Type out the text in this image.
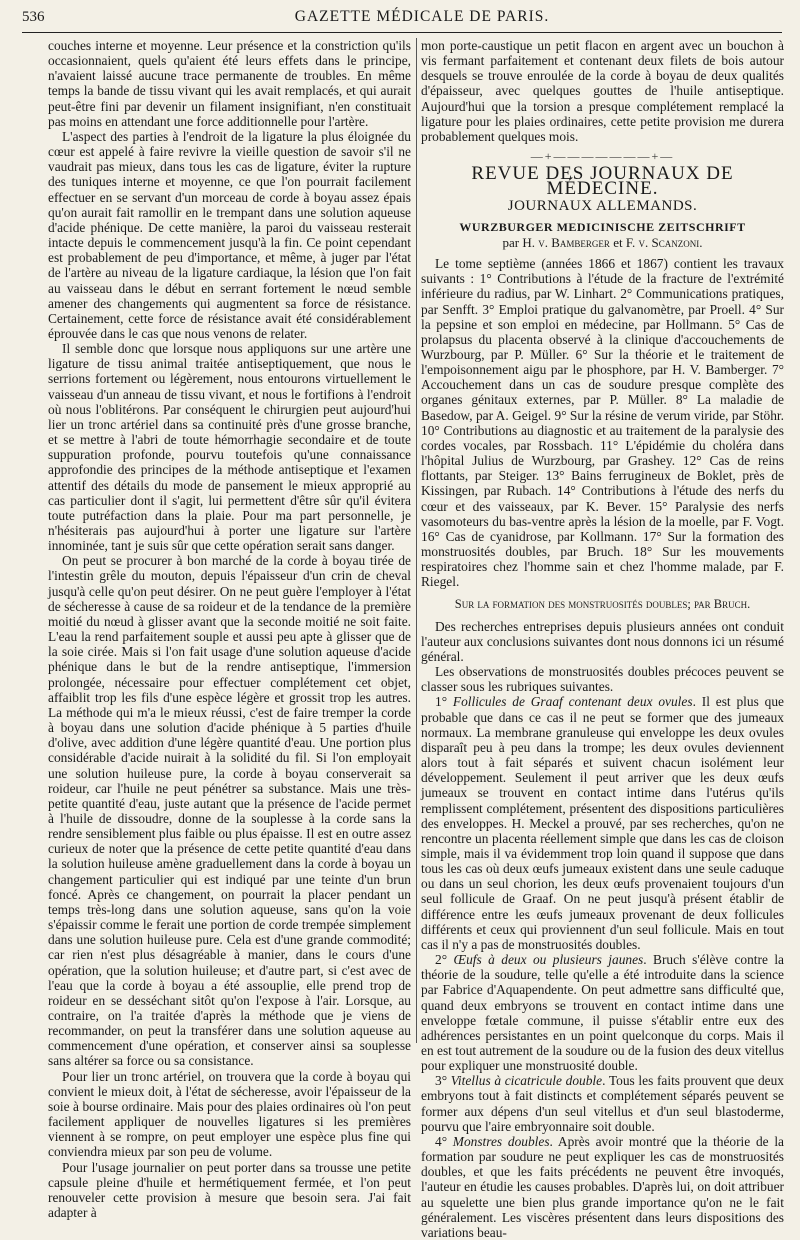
536	GAZETTE MÉDICALE DE PARIS.

couches interne et moyenne. Leur présence et la constriction qu'ils occasionnaient, quels qu'aient été leurs effets dans le principe, n'avaient laissé aucune trace permanente de troubles. En même temps la bande de tissu vivant qui les avait remplacés, et qui aurait peut-être fini par devenir un filament insignifiant, n'en constituait pas moins en attendant une force additionnelle pour l'artère.

L'aspect des parties à l'endroit de la ligature la plus éloignée du cœur est appelé à faire revivre la vieille question de savoir s'il ne vaudrait pas mieux, dans tous les cas de ligature, éviter la rupture des tuniques interne et moyenne, ce que l'on pourrait facilement effectuer en se servant d'un morceau de corde à boyau assez épais qu'on aurait fait ramollir en le trempant dans une solution aqueuse d'acide phénique. De cette manière, la paroi du vaisseau resterait intacte depuis le commencement jusqu'à la fin. Ce point cependant est probablement de peu d'importance, et même, à juger par l'état de l'artère au niveau de la ligature cardiaque, la lésion que l'on fait au vaisseau dans le début en serrant fortement le nœud semble amener des changements qui augmentent sa force de résistance. Certainement, cette force de résistance avait été considérablement éprouvée dans le cas que nous venons de relater.

Il semble donc que lorsque nous appliquons sur une artère une ligature de tissu animal traitée antiseptiquement, que nous le serrions fortement ou légèrement, nous entourons virtuellement le vaisseau d'un anneau de tissu vivant, et nous le fortifions à l'endroit où nous l'oblitérons. Par conséquent le chirurgien peut aujourd'hui lier un tronc artériel dans sa continuité près d'une grosse branche, et se mettre à l'abri de toute hémorrhagie secondaire et de toute suppuration profonde, pourvu toutefois qu'une connaissance approfondie des principes de la méthode antiseptique et l'examen attentif des détails du mode de pansement le mieux approprié au cas particulier dont il s'agit, lui permettent d'être sûr qu'il évitera toute putréfaction dans la plaie. Pour ma part personnelle, je n'hésiterais pas aujourd'hui à porter une ligature sur l'artère innominée, tant je suis sûr que cette opération serait sans danger.

On peut se procurer à bon marché de la corde à boyau tirée de l'intestin grêle du mouton, depuis l'épaisseur d'un crin de cheval jusqu'à celle qu'on peut désirer. On ne peut guère l'employer à l'état de sécheresse à cause de sa roideur et de la tendance de la première moitié du nœud à glisser avant que la seconde moitié ne soit faite. L'eau la rend parfaitement souple et aussi peu apte à glisser que de la soie cirée. Mais si l'on fait usage d'une solution aqueuse d'acide phénique dans le but de la rendre antiseptique, l'immersion prolongée, nécessaire pour effectuer complétement cet objet, affaiblit trop les fils d'une espèce légère et grossit trop les autres. La méthode qui m'a le mieux réussi, c'est de faire tremper la corde à boyau dans une solution d'acide phénique à 5 parties d'huile d'olive, avec addition d'une légère quantité d'eau. Une portion plus considérable d'acide nuirait à la solidité du fil. Si l'on employait une solution huileuse pure, la corde à boyau conserverait sa roideur, car l'huile ne peut pénétrer sa substance. Mais une très-petite quantité d'eau, juste autant que la présence de l'acide permet à l'huile de dissoudre, donne de la souplesse à la corde sans la rendre sensiblement plus faible ou plus épaisse. Il est en outre assez curieux de noter que la présence de cette petite quantité d'eau dans la solution huileuse amène graduellement dans la corde à boyau un changement particulier qui est indiqué par une teinte d'un brun foncé. Après ce changement, on pourrait la placer pendant un temps très-long dans une solution aqueuse, sans qu'on la voie s'épaissir comme le ferait une portion de corde trempée simplement dans une solution huileuse pure. Cela est d'une grande commodité; car rien n'est plus désagréable à manier, dans le cours d'une opération, que la solution huileuse; et d'autre part, si c'est avec de l'eau que la corde à boyau a été assouplie, elle prend trop de roideur en se desséchant sitôt qu'on l'expose à l'air. Lorsque, au contraire, on l'a traitée d'après la méthode que je viens de recommander, on peut la transférer dans une solution aqueuse au commencement d'une opération, et conserver ainsi sa souplesse sans altérer sa force ou sa consistance.

Pour lier un tronc artériel, on trouvera que la corde à boyau qui convient le mieux doit, à l'état de sécheresse, avoir l'épaisseur de la soie à bourse ordinaire. Mais pour des plaies ordinaires où l'on peut facilement appliquer de nouvelles ligatures si les premières viennent à se rompre, on peut employer une espèce plus fine qui conviendra mieux par son peu de volume.

Pour l'usage journalier on peut porter dans sa trousse une petite capsule pleine d'huile et hermétiquement fermée, et l'on peut renouveler cette provision à mesure que besoin sera. J'ai fait adapter à

mon porte-caustique un petit flacon en argent avec un bouchon à vis fermant parfaitement et contenant deux filets de bois autour desquels se trouve enroulée de la corde à boyau de deux qualités d'épaisseur, avec quelques gouttes de l'huile antiseptique. Aujourd'hui que la torsion a presque complétement remplacé la ligature pour les plaies ordinaires, cette petite provision me durera probablement quelques mois.

—+———————+—
REVUE DES JOURNAUX DE MÉDECINE.
JOURNAUX ALLEMANDS.
WURZBURGER MEDICINISCHE ZEITSCHRIFT
par H. v. Bamberger et F. v. Scanzoni.

Le tome septième (années 1866 et 1867) contient les travaux suivants : 1° Contributions à l'étude de la fracture de l'extrémité inférieure du radius, par W. Linhart. 2° Communications pratiques, par Senfft. 3° Emploi pratique du galvanomètre, par Proell. 4° Sur la pepsine et son emploi en médecine, par Hollmann. 5° Cas de prolapsus du placenta observé à la clinique d'accouchements de Wurzbourg, par P. Müller. 6° Sur la théorie et le traitement de l'empoisonnement aigu par le phosphore, par H. V. Bamberger. 7° Accouchement dans un cas de soudure presque complète des organes génitaux externes, par P. Müller. 8° La maladie de Basedow, par A. Geigel. 9° Sur la résine de verum viride, par Stöhr. 10° Contributions au diagnostic et au traitement de la paralysie des cordes vocales, par Rossbach. 11° L'épidémie du choléra dans l'hôpital Julius de Wurzbourg, par Grashey. 12° Cas de reins flottants, par Steiger. 13° Bains ferrugineux de Boklet, près de Kissingen, par Rubach. 14° Contributions à l'étude des nerfs du cœur et des vaisseaux, par K. Bever. 15° Paralysie des nerfs vasomoteurs du bas-ventre après la lésion de la moelle, par F. Vogt. 16° Cas de cyanidrose, par Kollmann. 17° Sur la formation des monstruosités doubles, par Bruch. 18° Sur les mouvements respiratoires chez l'homme sain et chez l'homme malade, par F. Riegel.

Sur la formation des monstruosités doubles; par Bruch.

Des recherches entreprises depuis plusieurs années ont conduit l'auteur aux conclusions suivantes dont nous donnons ici un résumé général.

Les observations de monstruosités doubles précoces peuvent se classer sous les rubriques suivantes.

1° Follicules de Graaf contenant deux ovules. Il est plus que probable que dans ce cas il ne peut se former que des jumeaux normaux. La membrane granuleuse qui enveloppe les deux ovules disparaît peu à peu dans la trompe; les deux ovules deviennent alors tout à fait séparés et suivent chacun isolément leur développement. Seulement il peut arriver que les deux œufs jumeaux se trouvent en contact intime dans l'utérus qu'ils remplissent complétement, présentent des dispositions particulières des enveloppes. H. Meckel a prouvé, par ses recherches, qu'on ne rencontre un placenta réellement simple que dans les cas de cloison simple, mais il va évidemment trop loin quand il suppose que dans tous les cas où deux œufs jumeaux existent dans une seule caduque ou dans un seul chorion, les deux œufs provenaient toujours d'un seul follicule de Graaf. On ne peut jusqu'à présent établir de différence entre les œufs jumeaux provenant de deux follicules différents et ceux qui proviennent d'un seul follicule. Mais en tout cas il n'y a pas de monstruosités doubles.

2° Œufs à deux ou plusieurs jaunes. Bruch s'élève contre la théorie de la soudure, telle qu'elle a été introduite dans la science par Fabrice d'Aquapendente. On peut admettre sans difficulté que, quand deux embryons se trouvent en contact intime dans une enveloppe fœtale commune, il puisse s'établir entre eux des adhérences persistantes en un point quelconque du corps. Mais il en est tout autrement de la soudure ou de la fusion des deux vitellus pour expliquer une monstruosité double.

3° Vitellus à cicatricule double. Tous les faits prouvent que deux embryons tout à fait distincts et complétement séparés peuvent se former aux dépens d'un seul vitellus et d'un seul blastoderme, pourvu que l'aire embryonnaire soit double.

4° Monstres doubles. Après avoir montré que la théorie de la formation par soudure ne peut expliquer les cas de monstruosités doubles, et que les faits précédents ne peuvent être invoqués, l'auteur en étudie les causes probables. D'après lui, on doit attribuer au squelette une bien plus grande importance qu'on ne le fait généralement. Les viscères présentent dans leurs dispositions des variations beau-
